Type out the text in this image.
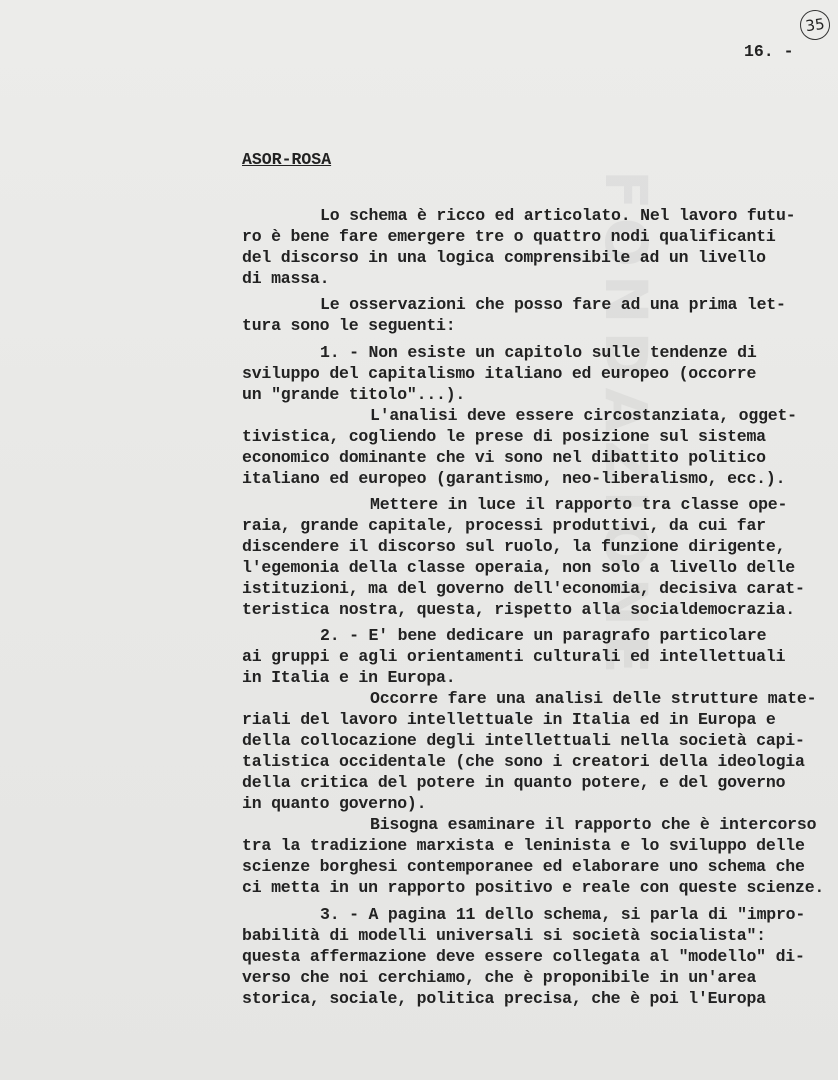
FONDAZIONE
35
16. -
ASOR-ROSA
Lo schema è ricco ed articolato. Nel lavoro futu-
ro è bene fare emergere tre o quattro nodi qualificanti
del discorso in una logica comprensibile ad un livello
di massa.
Le osservazioni che posso fare ad una prima let-
tura sono le seguenti:
1. - Non esiste un capitolo sulle tendenze di
sviluppo del capitalismo italiano ed europeo (occorre
un "grande titolo"...).
L'analisi deve essere circostanziata, ogget-
tivistica, cogliendo le prese di posizione sul sistema
economico dominante che vi sono nel dibattito politico
italiano ed europeo (garantismo, neo-liberalismo, ecc.).
Mettere in luce il rapporto tra classe ope-
raia, grande capitale, processi produttivi, da cui far
discendere il discorso sul ruolo, la funzione dirigente,
l'egemonia della classe operaia, non solo a livello delle
istituzioni, ma del governo dell'economia, decisiva carat-
teristica nostra, questa, rispetto alla socialdemocrazia.
2. - E' bene dedicare un paragrafo particolare
ai gruppi e agli orientamenti culturali ed intellettuali
in Italia e in Europa.
Occorre fare una analisi delle strutture mate-
riali del lavoro intellettuale in Italia ed in Europa e
della collocazione degli intellettuali nella società capi-
talistica occidentale (che sono i creatori della ideologia
della critica del potere in quanto potere, e del governo
in quanto governo).
Bisogna esaminare il rapporto che è intercorso
tra la tradizione marxista e leninista e lo sviluppo delle
scienze borghesi contemporanee ed elaborare uno schema che
ci metta in un rapporto positivo e reale con queste scienze.
3. - A pagina 11 dello schema, si parla di "impro-
babilità di modelli universali si società socialista":
questa affermazione deve essere collegata al "modello" di-
verso che noi cerchiamo, che è proponibile in un'area
storica, sociale, politica precisa, che è poi l'Europa
